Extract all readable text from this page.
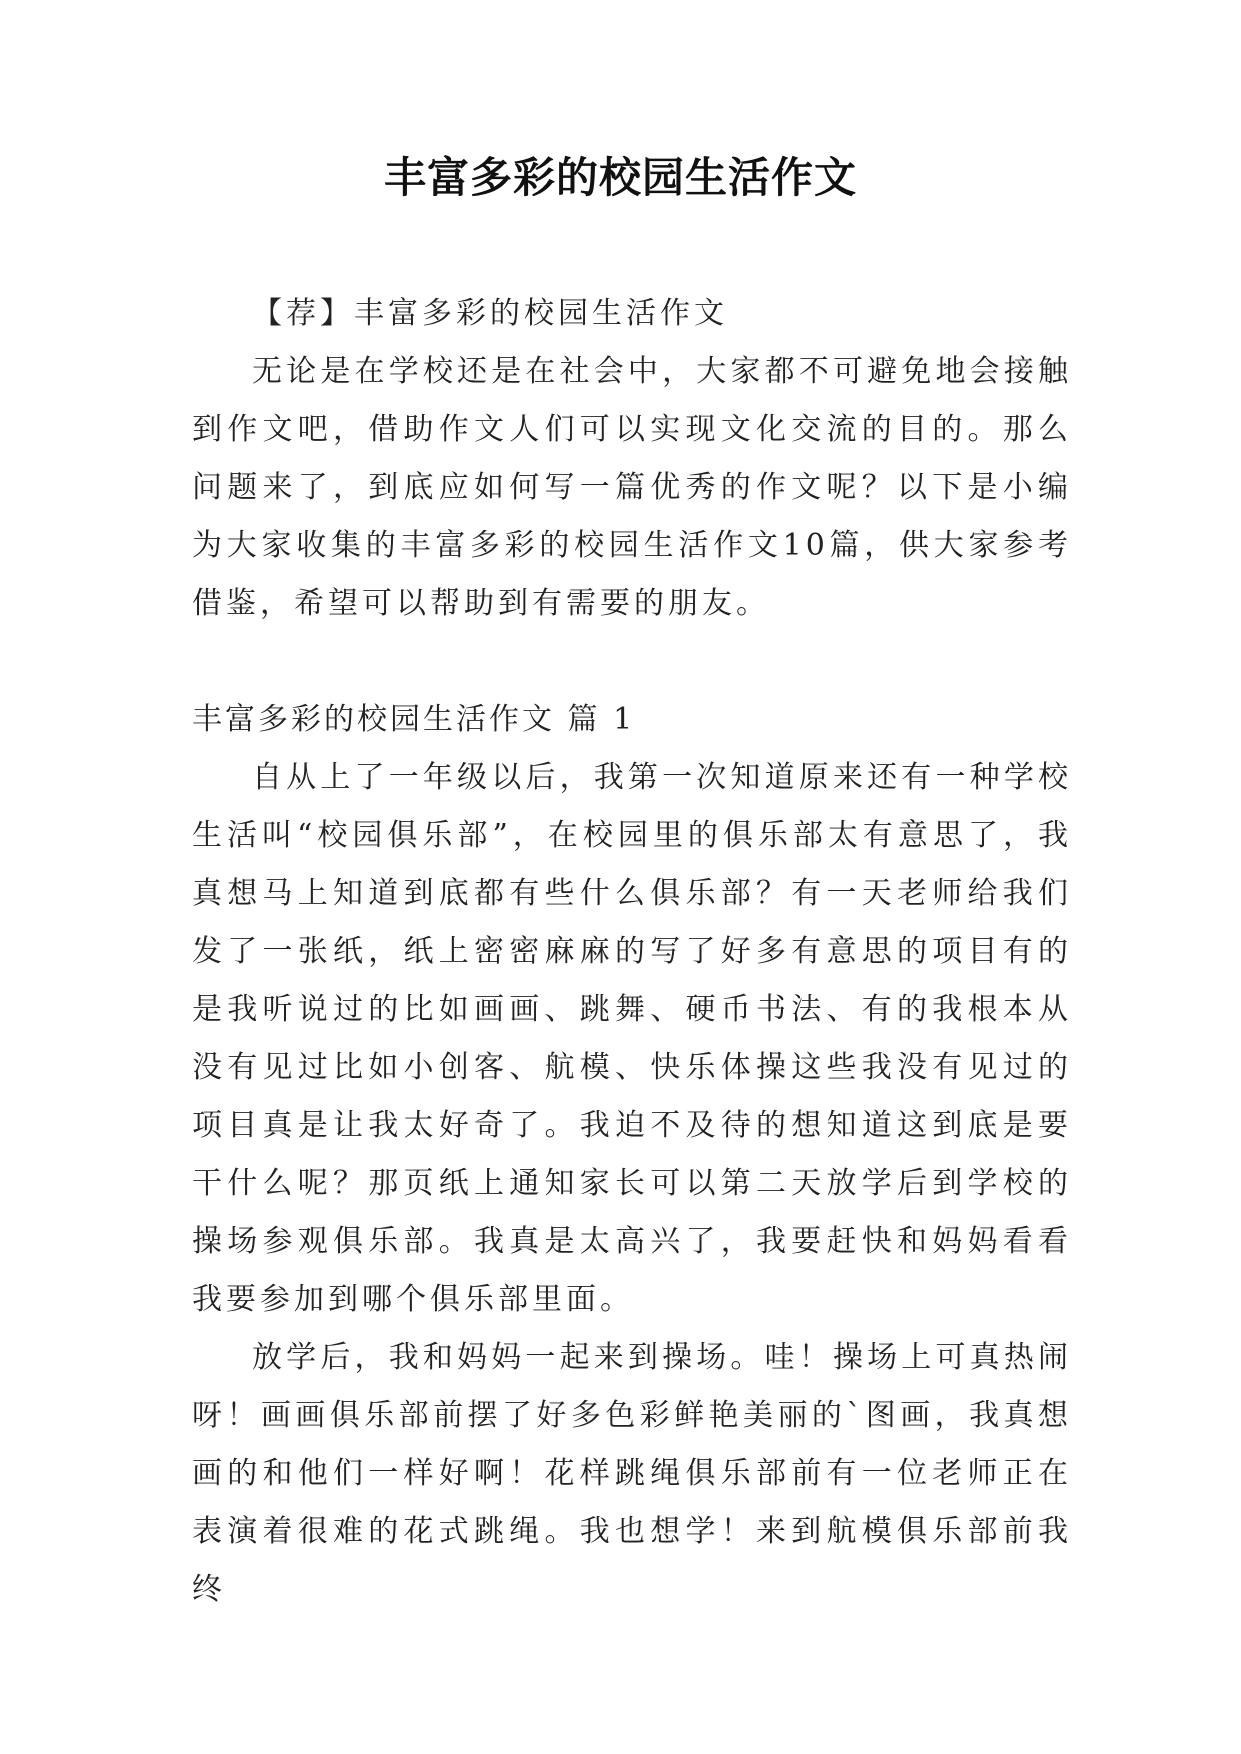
丰富多彩的校园生活作文
【荐】丰富多彩的校园生活作文

无论是在学校还是在社会中，大家都不可避免地会接触到作文吧，借助作文人们可以实现文化交流的目的。那么问题来了，到底应如何写一篇优秀的作文呢？以下是小编为大家收集的丰富多彩的校园生活作文10篇，供大家参考借鉴，希望可以帮助到有需要的朋友。

丰富多彩的校园生活作文 篇 1

自从上了一年级以后，我第一次知道原来还有一种学校生活叫“校园俱乐部”，在校园里的俱乐部太有意思了，我真想马上知道到底都有些什么俱乐部？有一天老师给我们发了一张纸，纸上密密麻麻的写了好多有意思的项目有的是我听说过的比如画画、跳舞、硬币书法、有的我根本从没有见过比如小创客、航模、快乐体操这些我没有见过的项目真是让我太好奇了。我迫不及待的想知道这到底是要干什么呢？那页纸上通知家长可以第二天放学后到学校的操场参观俱乐部。我真是太高兴了，我要赶快和妈妈看看我要参加到哪个俱乐部里面。

放学后，我和妈妈一起来到操场。哇！操场上可真热闹呀！画画俱乐部前摆了好多色彩鲜艳美丽的`图画，我真想画的和他们一样好啊！花样跳绳俱乐部前有一位老师正在表演着很难的花式跳绳。我也想学！来到航模俱乐部前我终
